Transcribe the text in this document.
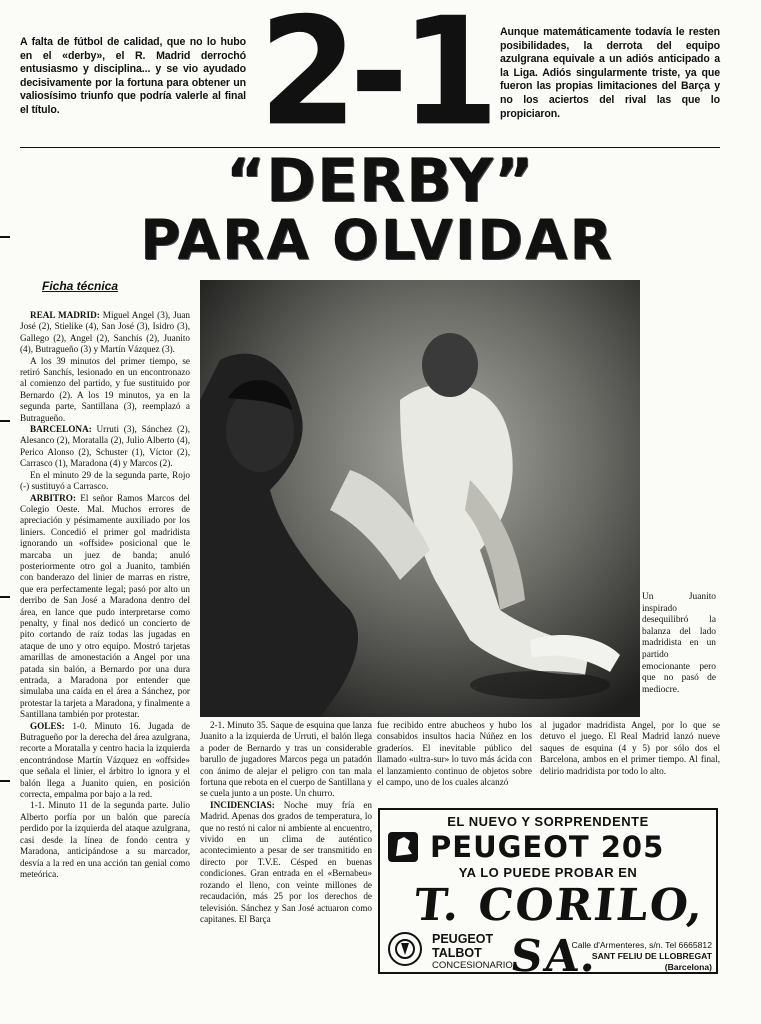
A falta de fútbol de calidad, que no lo hubo en el «derby», el R. Madrid derrochó entusiasmo y disciplina... y se vio ayudado decisivamente por la fortuna para obtener un valiosísimo triunfo que podría valerle al final el título.	2-1 Aunque matemáticamente todavía le resten posibilidades, la derrota del equipo azulgrana equivale a un adiós anticipado a la Liga. Adiós singularmente triste, ya que fueron las propias limitaciones del Barça y no los aciertos del rival las que lo propiciaron.
“DERBY”
PARA OLVIDAR
Ficha técnica

REAL MADRID: Miguel Angel (3), Juan José (2), Stielike (4), San José (3), Isidro (3), Gallego (2), Angel (2), Sanchís (2), Juanito (4), Butragueño (3) y Martín Vázquez (3).

A los 39 minutos del primer tiempo, se retiró Sanchís, lesionado en un encontronazo al comienzo del partido, y fue sustituido por Bernardo (2). A los 19 minutos, ya en la segunda parte, Santillana (3), reemplazó a Butragueño.

BARCELONA: Urruti (3), Sánchez (2), Alesanco (2), Moratalla (2), Julio Alberto (4), Perico Alonso (2), Schuster (1), Víctor (2), Carrasco (1), Maradona (4) y Marcos (2).

En el minuto 29 de la segunda parte, Rojo (-) sustituyó a Carrasco.

ARBITRO: El señor Ramos Marcos del Colegio Oeste. Mal. Muchos errores de apreciación y pésimamente auxiliado por los liniers. Concedió el primer gol madridista ignorando un «offside» posicional que le marcaba un juez de banda; anuló posteriormente otro gol a Juanito, también con banderazo del linier de marras en ristre, que era perfectamente legal; pasó por alto un derribo de San José a Maradona dentro del área, en lance que pudo interpretarse como penalty, y final nos dedicó un concierto de pito cortando de raíz todas las jugadas en ataque de uno y otro equipo. Mostró tarjetas amarillas de amonestación a Angel por una patada sin balón, a Bernardo por una dura entrada, a Maradona por entender que simulaba una caída en el área a Sánchez, por protestar la tarjeta a Maradona, y finalmente a Santillana también por protestar.

GOLES: 1-0. Minuto 16. Jugada de Butragueño por la derecha del área azulgrana, recorte a Moratalla y centro hacia la izquierda encontrándose Martín Vázquez en «offside» que señala el linier, el árbitro lo ignora y el balón llega a Juanito quien, en posición correcta, empalma por bajo a la red.

1-1. Minuto 11 de la segunda parte. Julio Alberto porfía por un balón que parecía perdido por la izquierda del ataque azulgrana, casi desde la línea de fondo centra y Maradona, anticipándose a su marcador, desvía a la red en una acción tan genial como meteórica.

Un Juanito inspirado desequilibró la balanza del lado madridista en un partido emocionante pero que no pasó de mediocre.

2-1. Minuto 35. Saque de esquina que lanza Juanito a la izquierda de Urruti, el balón llega a poder de Bernardo y tras un considerable barullo de jugadores Marcos pega un patadón con ánimo de alejar el peligro con tan mala fortuna que rebota en el cuerpo de Santillana y se cuela junto a un poste. Un churro.

INCIDENCIAS: Noche muy fría en Madrid. Apenas dos grados de temperatura, lo que no restó ni calor ni ambiente al encuentro, vivido en un clima de auténtico acontecimiento a pesar de ser transmitido en directo por T.V.E. Césped en buenas condiciones. Gran entrada en el «Bernabeu» rozando el lleno, con veinte millones de recaudación, más 25 por los derechos de televisión. Sánchez y San José actuaron como capitanes. El Barça

fue recibido entre abucheos y hubo los consabidos insultos hacia Núñez en los graderíos. El inevitable público del llamado «ultra-sur» lo tuvo más ácida con el lanzamiento continuo de objetos sobre el campo, uno de los cuales alcanzó

al jugador madridista Angel, por lo que se detuvo el juego. El Real Madrid lanzó nueve saques de esquina (4 y 5) por sólo dos el Barcelona, ambos en el primer tiempo. Al final, delirio madridista por todo lo alto.

EL NUEVO Y SORPRENDENTE
PEUGEOT 205
YA LO PUEDE PROBAR EN
T. CORILO, SA.
PEUGEOT
TALBOT
CONCESIONARIO
Calle d'Armenteres, s/n. Tel 6665812
SANT FELIU DE LLOBREGAT
(Barcelona)
